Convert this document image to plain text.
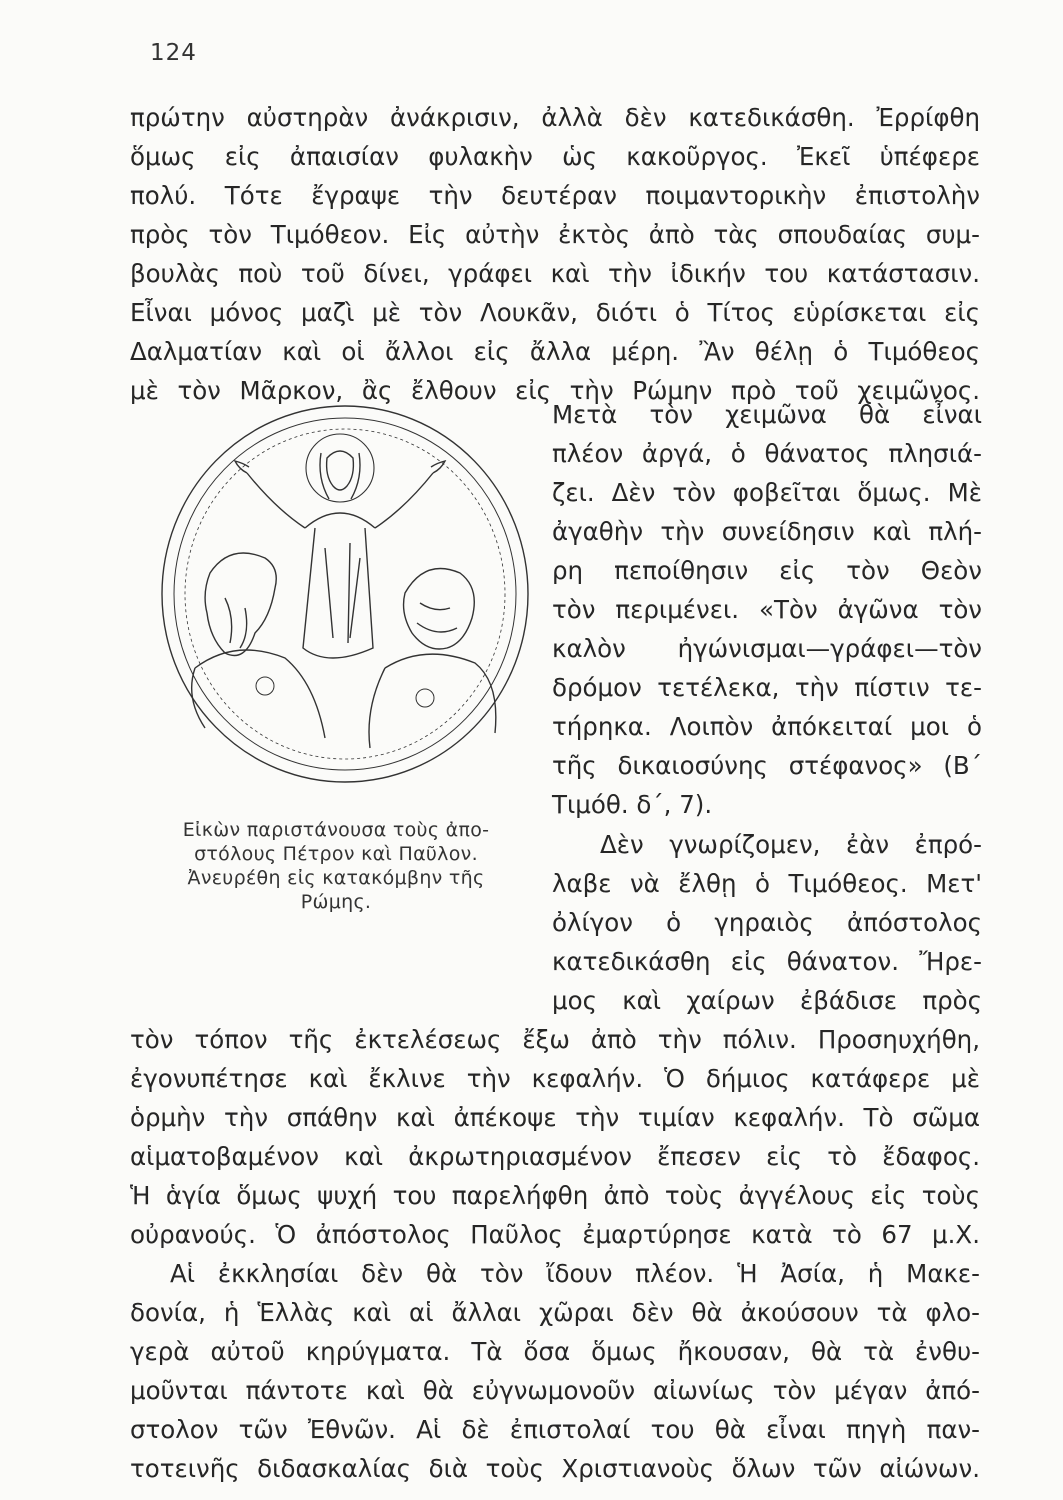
124
πρώτην αὐστηρὰν ἀνάκρισιν, ἀλλὰ δὲν κατεδικάσθη. Ἐρρίφθη
ὅμως εἰς ἀπαισίαν φυλακὴν ὡς κακοῦργος. Ἐκεῖ ὑπέφερε
πολύ. Τότε ἔγραψε τὴν δευτέραν ποιμαντορικὴν ἐπιστολὴν
πρὸς τὸν Τιμόθεον. Εἰς αὐτὴν ἐκτὸς ἀπὸ τὰς σπουδαίας συμ-
βουλὰς ποὺ τοῦ δίνει, γράφει καὶ τὴν ἰδικήν του κατάστασιν.
Εἶναι μόνος μαζὶ μὲ τὸν Λουκᾶν, διότι ὁ Τίτος εὑρίσκεται εἰς
Δαλματίαν καὶ οἱ ἄλλοι εἰς ἄλλα μέρη. Ἂν θέλῃ ὁ Τιμόθεος
μὲ τὸν Μᾶρκον, ἂς ἔλθουν εἰς τὴν Ρώμην πρὸ τοῦ χειμῶνος.
Μετὰ τὸν χειμῶνα θὰ εἶναι
πλέον ἀργά, ὁ θάνατος πλησιά-
ζει. Δὲν τὸν φοβεῖται ὅμως. Μὲ
ἀγαθὴν τὴν συνείδησιν καὶ πλή-
ρη πεποίθησιν εἰς τὸν Θεὸν
τὸν περιμένει. «Τὸν ἀγῶνα τὸν
καλὸν ἠγώνισμαι—γράφει—τὸν
δρόμον τετέλεκα, τὴν πίστιν τε-
τήρηκα. Λοιπὸν ἀπόκειταί μοι ὁ
τῆς δικαιοσύνης στέφανος» (Β΄
Τιμόθ. δ΄, 7).
Δὲν γνωρίζομεν, ἐὰν ἐπρό-
λαβε νὰ ἔλθῃ ὁ Τιμόθεος. Μετ'
ὀλίγον ὁ γηραιὸς ἀπόστολος
κατεδικάσθη εἰς θάνατον. Ἤρε-
μος καὶ χαίρων ἐβάδισε πρὸς
Εἰκὼν παριστάνουσα τοὺς ἀπο-
στόλους Πέτρον καὶ Παῦλον.
Ἀνευρέθη εἰς κατακόμβην τῆς
Ρώμης.
τὸν τόπον τῆς ἐκτελέσεως ἔξω ἀπὸ τὴν πόλιν. Προσηυχήθη,
ἐγονυπέτησε καὶ ἔκλινε τὴν κεφαλήν. Ὁ δήμιος κατάφερε μὲ
ὁρμὴν τὴν σπάθην καὶ ἀπέκοψε τὴν τιμίαν κεφαλήν. Τὸ σῶμα
αἱματοβαμένον καὶ ἀκρωτηριασμένον ἔπεσεν εἰς τὸ ἔδαφος.
Ἡ ἁγία ὅμως ψυχή του παρελήφθη ἀπὸ τοὺς ἀγγέλους εἰς τοὺς
οὐρανούς. Ὁ ἀπόστολος Παῦλος ἐμαρτύρησε κατὰ τὸ 67 μ.Χ.
Αἱ ἐκκλησίαι δὲν θὰ τὸν ἴδουν πλέον. Ἡ Ἀσία, ἡ Μακε-
δονία, ἡ Ἑλλὰς καὶ αἱ ἄλλαι χῶραι δὲν θὰ ἀκούσουν τὰ φλο-
γερὰ αὐτοῦ κηρύγματα. Τὰ ὅσα ὅμως ἤκουσαν, θὰ τὰ ἐνθυ-
μοῦνται πάντοτε καὶ θὰ εὐγνωμονοῦν αἰωνίως τὸν μέγαν ἀπό-
στολον τῶν Ἐθνῶν. Αἱ δὲ ἐπιστολαί του θὰ εἶναι πηγὴ παν-
τοτεινῆς διδασκαλίας διὰ τοὺς Χριστιανοὺς ὅλων τῶν αἰώνων.
